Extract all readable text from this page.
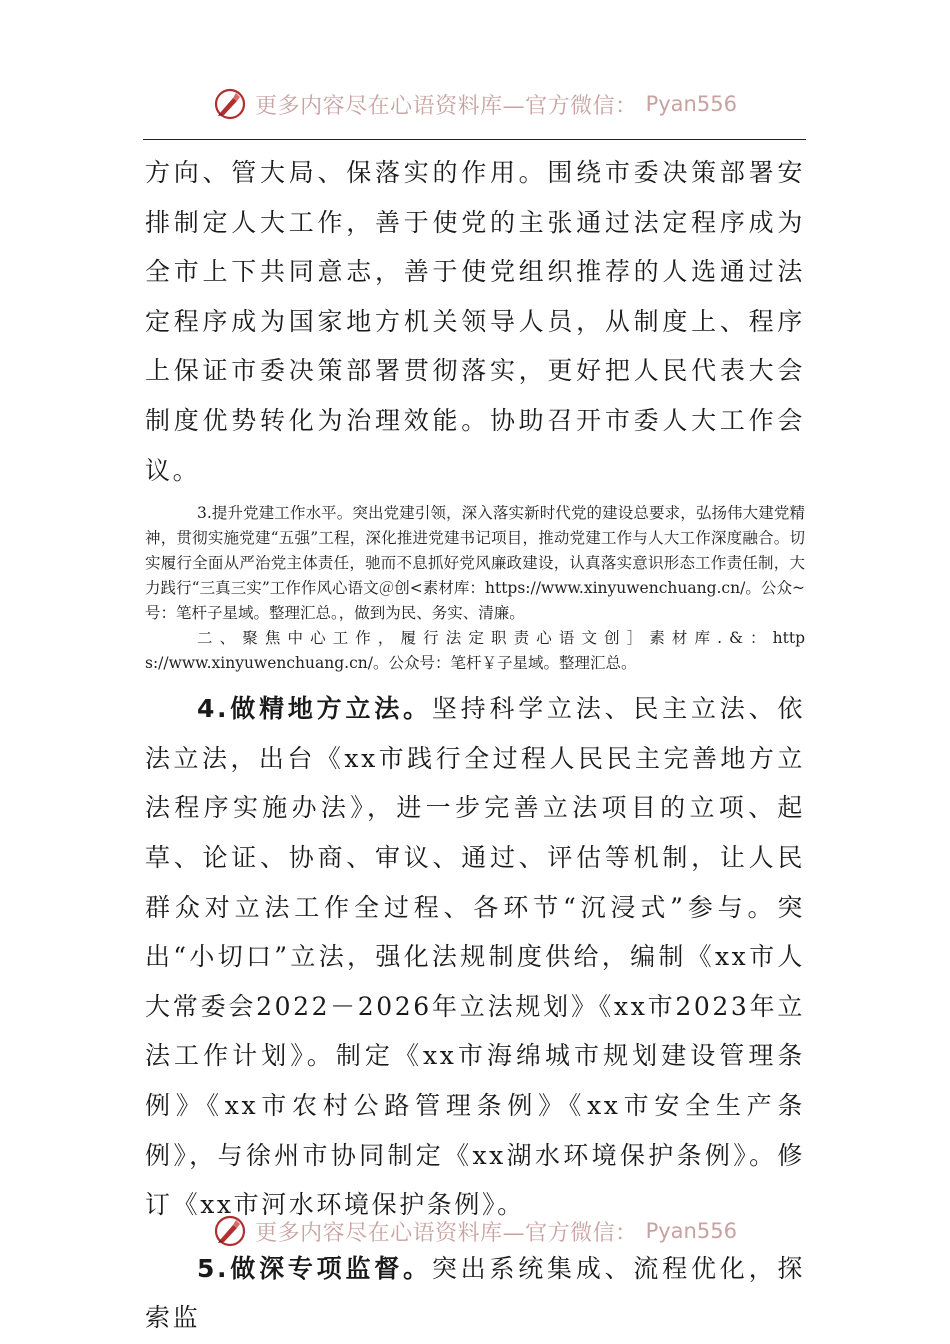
更多内容尽在心语资料库—官方微信： Pyan556

方向、管大局、保落实的作用。围绕市委决策部署安排制定人大工作，善于使党的主张通过法定程序成为全市上下共同意志，善于使党组织推荐的人选通过法定程序成为国家地方机关领导人员，从制度上、程序上保证市委决策部署贯彻落实，更好把人民代表大会制度优势转化为治理效能。协助召开市委人大工作会议。

3.提升党建工作水平。突出党建引领，深入落实新时代党的建设总要求，弘扬伟大建党精神，贯彻实施党建“五强”工程，深化推进党建书记项目，推动党建工作与人大工作深度融合。切实履行全面从严治党主体责任，驰而不息抓好党风廉政建设，认真落实意识形态工作责任制，大力践行“三真三实”工作作风心语文＠创<素材库：https://www.xinyuwenchuang.cn/。公众~号：笔杆子星域。整理汇总。，做到为民、务实、清廉。

二、聚焦中心工作，履行法定职责心语文创］素材库.&：https://www.xinyuwenchuang.cn/。公众号：笔杆￥子星域。整理汇总。

4.做精地方立法。坚持科学立法、民主立法、依法立法，出台《xx市践行全过程人民民主完善地方立法程序实施办法》，进一步完善立法项目的立项、起草、论证、协商、审议、通过、评估等机制，让人民群众对立法工作全过程、各环节“沉浸式”参与。突出“小切口”立法，强化法规制度供给，编制《xx市人大常委会2022－2026年立法规划》《xx市2023年立法工作计划》。制定《xx市海绵城市规划建设管理条例》《xx市农村公路管理条例》《xx市安全生产条例》，与徐州市协同制定《xx湖水环境保护条例》。修订《xx市河水环境保护条例》。

5.做深专项监督。突出系统集成、流程优化，探索监

更多内容尽在心语资料库—官方微信： Pyan556
